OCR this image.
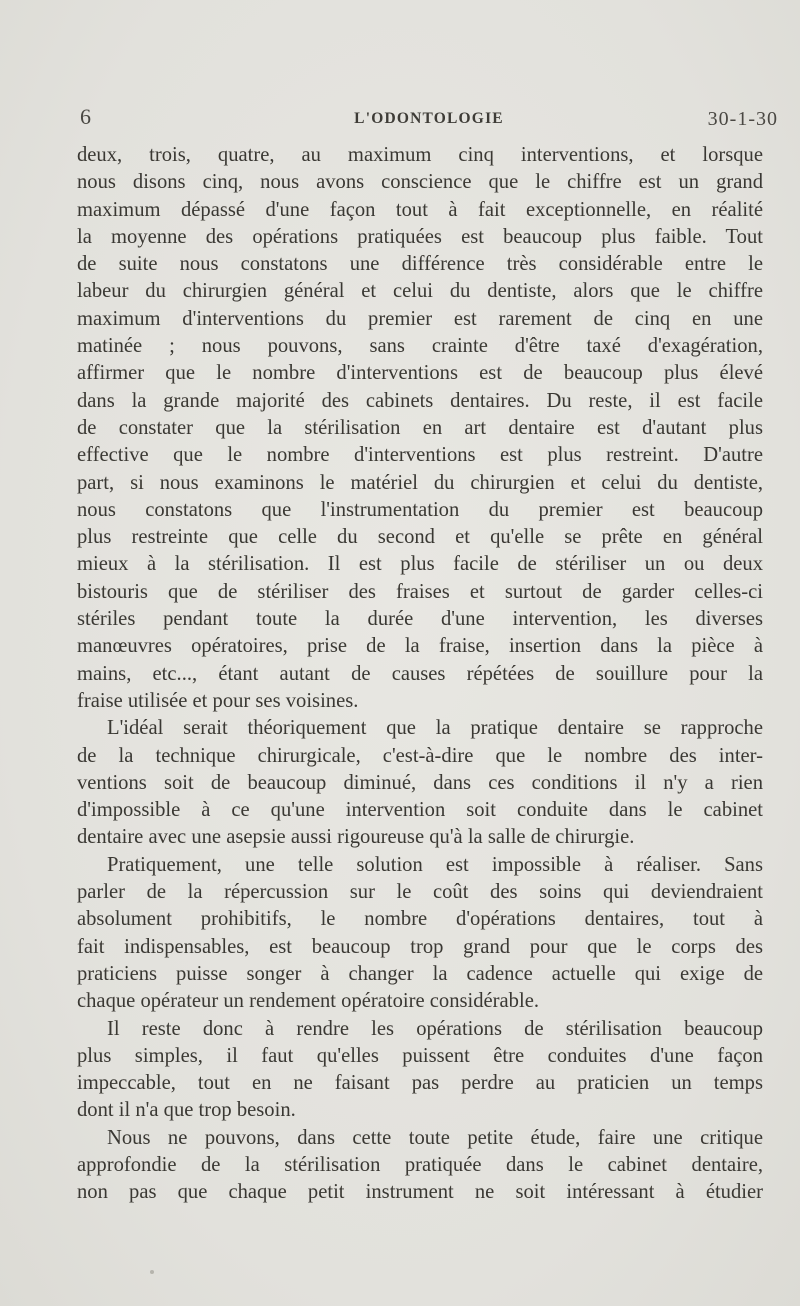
6	L'ODONTOLOGIE	30-1-30

deux, trois, quatre, au maximum cinq interventions, et lorsque
nous disons cinq, nous avons conscience que le chiffre est un grand
maximum dépassé d'une façon tout à fait exceptionnelle, en réalité
la moyenne des opérations pratiquées est beaucoup plus faible. Tout
de suite nous constatons une différence très considérable entre le
labeur du chirurgien général et celui du dentiste, alors que le chiffre
maximum d'interventions du premier est rarement de cinq en une
matinée ; nous pouvons, sans crainte d'être taxé d'exagération,
affirmer que le nombre d'interventions est de beaucoup plus élevé
dans la grande majorité des cabinets dentaires. Du reste, il est facile
de constater que la stérilisation en art dentaire est d'autant plus
effective que le nombre d'interventions est plus restreint. D'autre
part, si nous examinons le matériel du chirurgien et celui du dentiste,
nous constatons que l'instrumentation du premier est beaucoup
plus restreinte que celle du second et qu'elle se prête en général
mieux à la stérilisation. Il est plus facile de stériliser un ou deux
bistouris que de stériliser des fraises et surtout de garder celles-ci
stériles pendant toute la durée d'une intervention, les diverses
manœuvres opératoires, prise de la fraise, insertion dans la pièce à
mains, etc..., étant autant de causes répétées de souillure pour la
fraise utilisée et pour ses voisines.

L'idéal serait théoriquement que la pratique dentaire se rapproche
de la technique chirurgicale, c'est-à-dire que le nombre des inter-
ventions soit de beaucoup diminué, dans ces conditions il n'y a rien
d'impossible à ce qu'une intervention soit conduite dans le cabinet
dentaire avec une asepsie aussi rigoureuse qu'à la salle de chirurgie.

Pratiquement, une telle solution est impossible à réaliser. Sans
parler de la répercussion sur le coût des soins qui deviendraient
absolument prohibitifs, le nombre d'opérations dentaires, tout à
fait indispensables, est beaucoup trop grand pour que le corps des
praticiens puisse songer à changer la cadence actuelle qui exige de
chaque opérateur un rendement opératoire considérable.

Il reste donc à rendre les opérations de stérilisation beaucoup
plus simples, il faut qu'elles puissent être conduites d'une façon
impeccable, tout en ne faisant pas perdre au praticien un temps
dont il n'a que trop besoin.

Nous ne pouvons, dans cette toute petite étude, faire une critique
approfondie de la stérilisation pratiquée dans le cabinet dentaire,
non pas que chaque petit instrument ne soit intéressant à étudier
